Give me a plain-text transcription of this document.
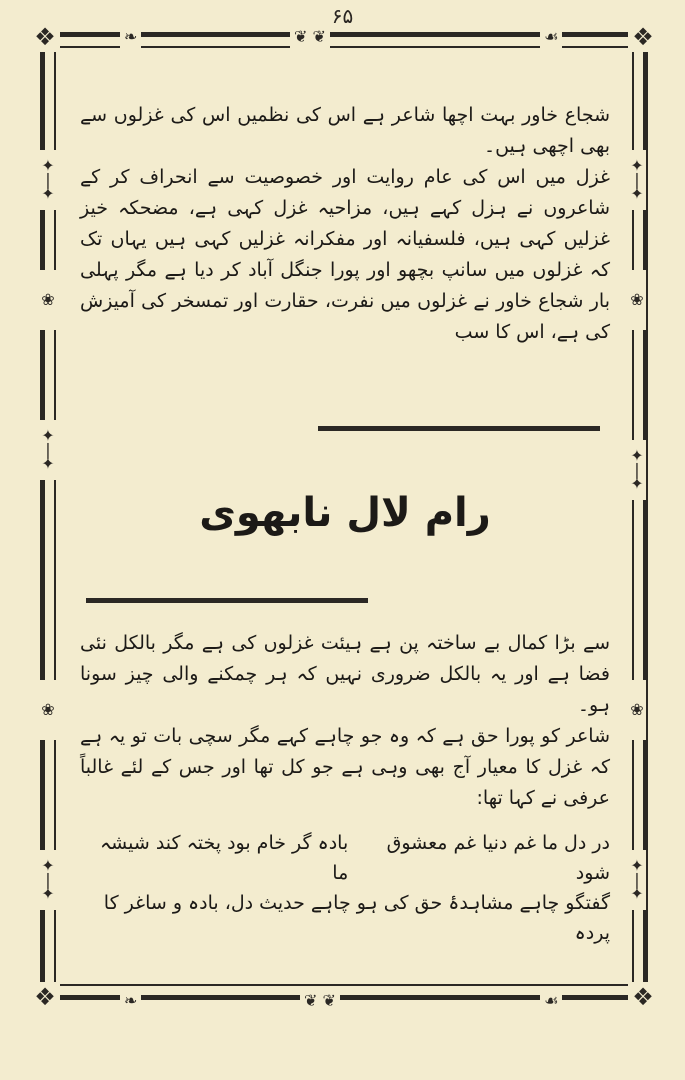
۶۵
❖	❖
❖	❖
❦ ❦
❧	☙
❧	❦ ❦	☙
✦
❘
✦
❀
✦
❘
✦
❀
✦
❘
✦
✦
❘
✦
❀
✦
❘
✦
❀
✦
❘
✦

شجاع خاور بہت اچھا شاعر ہے اس کی نظمیں اس کی غزلوں سے بھی اچھی ہیں۔

غزل میں اس کی عام روایت اور خصوصیت سے انحراف کر کے شاعروں نے ہزل کہے ہیں، مزاحیہ غزل کہی ہے، مضحکہ خیز غزلیں کہی ہیں، فلسفیانہ اور مفکرانہ غزلیں کہی ہیں یہاں تک کہ غزلوں میں سانپ بچھو اور پورا جنگل آباد کر دیا ہے مگر پہلی بار شجاع خاور نے غزلوں میں نفرت، حقارت اور تمسخر کی آمیزش کی ہے، اس کا سب

رام لال نابھوی

سے بڑا کمال بے ساختہ پن ہے ہیئت غزلوں کی ہے مگر بالکل نئی فضا ہے اور یہ بالکل ضروری نہیں کہ ہر چمکنے والی چیز سونا ہو۔

شاعر کو پورا حق ہے کہ وہ جو چاہے کہے مگر سچی بات تو یہ ہے کہ غزل کا معیار آج بھی وہی ہے جو کل تھا اور جس کے لئے غالباً عرفی نے کہا تھا:

در دل ما غم دنیا غم معشوق شود
بادہ گر خام بود پختہ کند شیشہ ما
گفتگو چاہے مشاہدۂ حق کی ہو چاہے حدیث دل، بادہ و ساغر کا پردہ
